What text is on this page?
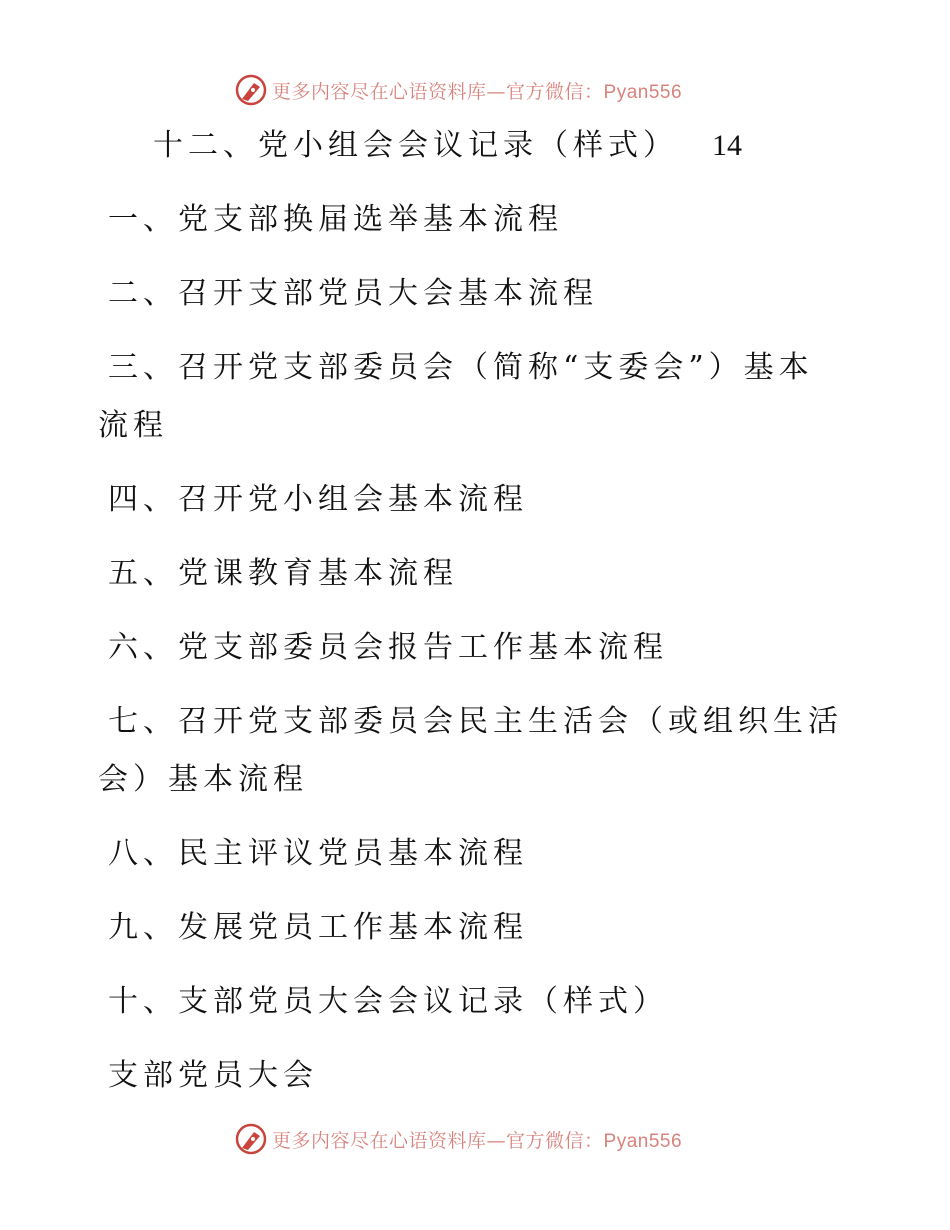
更多内容尽在心语资料库—官方微信：Pyan556
十二、党小组会会议记录（样式） 14
一、党支部换届选举基本流程
二、召开支部党员大会基本流程
三、召开党支部委员会（简称“支委会”）基本
流程
四、召开党小组会基本流程
五、党课教育基本流程
六、党支部委员会报告工作基本流程
七、召开党支部委员会民主生活会（或组织生活
会）基本流程
八、民主评议党员基本流程
九、发展党员工作基本流程
十、支部党员大会会议记录（样式）
支部党员大会
更多内容尽在心语资料库—官方微信：Pyan556
